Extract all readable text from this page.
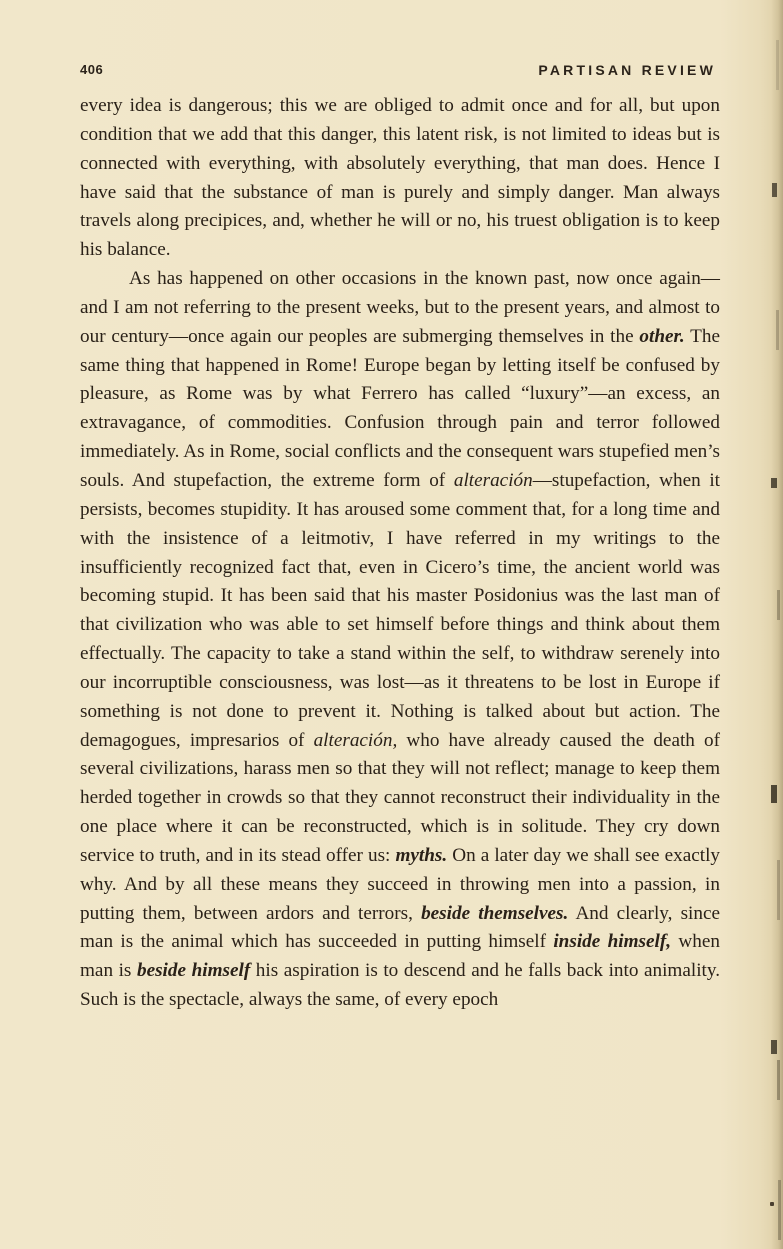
406	PARTISAN REVIEW

every idea is dangerous; this we are obliged to admit once and for all, but upon condition that we add that this danger, this latent risk, is not limited to ideas but is connected with everything, with absolutely everything, that man does. Hence I have said that the substance of man is purely and simply danger. Man always travels along precipices, and, whether he will or no, his truest obligation is to keep his balance.

As has happened on other occasions in the known past, now once again—and I am not referring to the present weeks, but to the present years, and almost to our century—once again our peoples are submerging themselves in the other. The same thing that happened in Rome! Europe began by letting itself be confused by pleasure, as Rome was by what Ferrero has called “luxury”—an excess, an extravagance, of commodities. Confusion through pain and terror followed immediately. As in Rome, social conflicts and the consequent wars stupefied men’s souls. And stupefaction, the extreme form of alteración—stupefaction, when it persists, becomes stupidity. It has aroused some comment that, for a long time and with the insistence of a leitmotiv, I have referred in my writings to the insufficiently recognized fact that, even in Cicero’s time, the ancient world was becoming stupid. It has been said that his master Posidonius was the last man of that civilization who was able to set himself before things and think about them effectually. The capacity to take a stand within the self, to withdraw serenely into our incorruptible consciousness, was lost—as it threatens to be lost in Europe if something is not done to prevent it. Nothing is talked about but action. The demagogues, impresarios of alteración, who have already caused the death of several civilizations, harass men so that they will not reflect; manage to keep them herded together in crowds so that they cannot reconstruct their individuality in the one place where it can be reconstructed, which is in solitude. They cry down service to truth, and in its stead offer us: myths. On a later day we shall see exactly why. And by all these means they succeed in throwing men into a passion, in putting them, between ardors and terrors, beside themselves. And clearly, since man is the animal which has succeeded in putting himself inside himself, when man is beside himself his aspiration is to descend and he falls back into animality. Such is the spectacle, always the same, of every epoch
